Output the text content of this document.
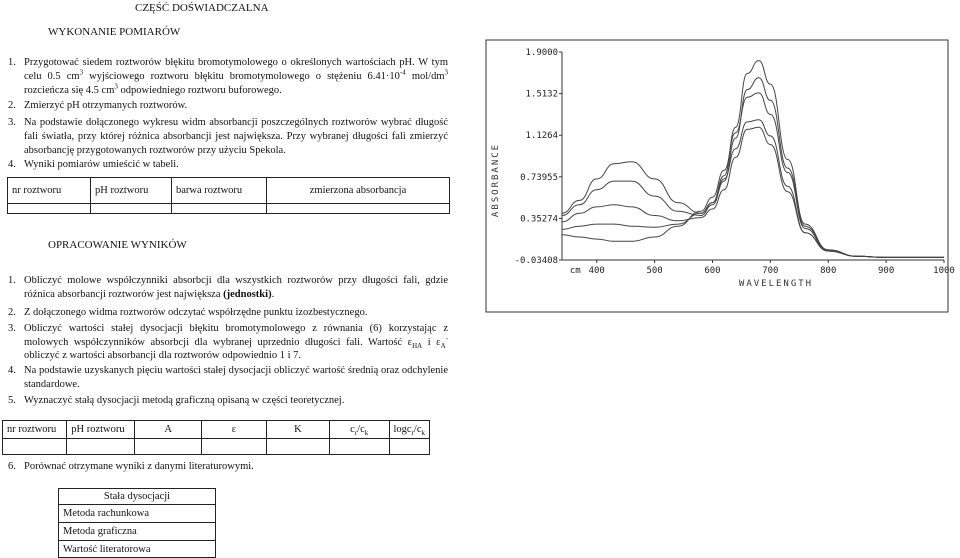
CZĘŚĆ DOŚWIADCZALNA
WYKONANIE POMIARÓW
1. Przygotować siedem roztworów błękitu bromotymolowego o określonych wartościach pH. W tym celu 0.5 $cm^3$ wyjściowego roztworu błękitu bromotymolowego o stężeniu $6.41\cdot 10^{-4}$ mol/$dm^3$ rozcieńcza się 4.5 $cm^3$ odpowiedniego roztworu buforowego.
2. Zmierzyć pH otrzymanych roztworów.
3. Na podstawie dołączonego wykresu widm absorbancji poszczególnych roztworów wybrać długość fali światła, przy której różnica absorbancji jest największa. Przy wybranej długości fali zmierzyć absorbancję przygotowanych roztworów przy użyciu Spekola.
4. Wyniki pomiarów umieścić w tabeli.
nr roztworu	pH roztworu	barwa roztworu	zmierzona absorbancja

OPRACOWANIE WYNIKÓW
1. Obliczyć molowe współczynniki absorbcji dla wszystkich roztworów przy długości fali, gdzie różnica absorbancji roztworów jest największa (jednostki).
2. Z dołączonego widma roztworów odczytać współrzędne punktu izozbestycznego.
3. Obliczyć wartości stałej dysocjacji błękitu bromotymolowego z równania (6) korzystając z molowych współczynników absorbcji dla wybranej uprzednio długości fali. Wartość $\varepsilon_{HA}$ i $\varepsilon_A^-$ obliczyć z wartości absorbancji dla roztworów odpowiednio 1 i 7.
4. Na podstawie uzyskanych pięciu wartości stałej dysocjacji obliczyć wartość średnią oraz odchylenie standardowe.
5. Wyznaczyć stałą dysocjacji metodą graficzną opisaną w części teoretycznej.
nr roztworu	pH roztworu	A	ε	K	$c_r/c_k$	$\log c_r/c_k$

6. Porównać otrzymane wyniki z danymi literaturowymi.
Stała dysocjacji
Metoda rachunkowa
Metoda graficzna
Wartość literatorowa
ABSORBANCE
WAVELENGTH
1.9000
1.5132
1.1264
0.73955
0.35274
-0.03408
400	500	600	700	800	900	1000
cm
